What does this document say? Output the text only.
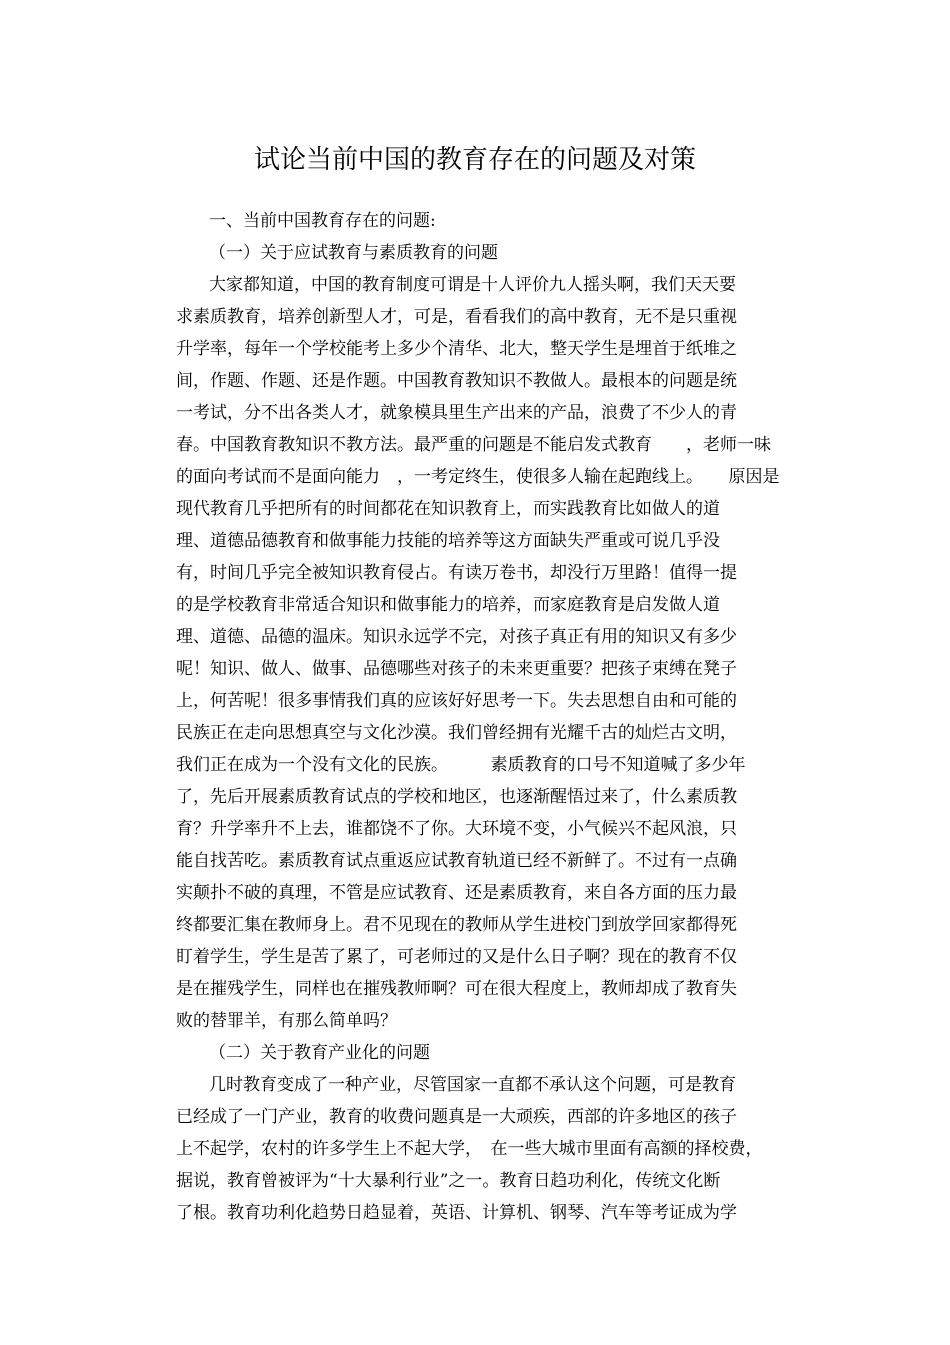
试论当前中国的教育存在的问题及对策
一、当前中国教育存在的问题:
（一）关于应试教育与素质教育的问题
大家都知道，中国的教育制度可谓是十人评价九人摇头啊，我们天天要
求素质教育，培养创新型人才，可是，看看我们的高中教育，无不是只重视
升学率，每年一个学校能考上多少个清华、北大，整天学生是埋首于纸堆之
间，作题、作题、还是作题。中国教育教知识不教做人。最根本的问题是统
一考试，分不出各类人才，就象模具里生产出来的产品，浪费了不少人的青
春。中国教育教知识不教方法。最严重的问题是不能启发式教育　　，老师一味
的面向考试而不是面向能力　，一考定终生，使很多人输在起跑线上。　　原因是
现代教育几乎把所有的时间都花在知识教育上，而实践教育比如做人的道
理、道德品德教育和做事能力技能的培养等这方面缺失严重或可说几乎没
有，时间几乎完全被知识教育侵占。有读万卷书，却没行万里路！值得一提
的是学校教育非常适合知识和做事能力的培养，而家庭教育是启发做人道
理、道德、品德的温床。知识永远学不完，对孩子真正有用的知识又有多少
呢！知识、做人、做事、品德哪些对孩子的未来更重要？把孩子束缚在凳子
上，何苦呢！很多事情我们真的应该好好思考一下。失去思想自由和可能的
民族正在走向思想真空与文化沙漠。我们曾经拥有光耀千古的灿烂古文明，
我们正在成为一个没有文化的民族。　　　素质教育的口号不知道喊了多少年
了，先后开展素质教育试点的学校和地区，也逐渐醒悟过来了，什么素质教
育？升学率升不上去，谁都饶不了你。大环境不变，小气候兴不起风浪，只
能自找苦吃。素质教育试点重返应试教育轨道已经不新鲜了。不过有一点确
实颠扑不破的真理，不管是应试教育、还是素质教育，来自各方面的压力最
终都要汇集在教师身上。君不见现在的教师从学生进校门到放学回家都得死
盯着学生，学生是苦了累了，可老师过的又是什么日子啊？现在的教育不仅
是在摧残学生，同样也在摧残教师啊？可在很大程度上，教师却成了教育失
败的替罪羊，有那么简单吗？
（二）关于教育产业化的问题
几时教育变成了一种产业，尽管国家一直都不承认这个问题，可是教育
已经成了一门产业，教育的收费问题真是一大顽疾，西部的许多地区的孩子
上不起学，农村的许多学生上不起大学，　在一些大城市里面有高额的择校费，
据说，教育曾被评为“十大暴利行业”之一。教育日趋功利化，传统文化断
了根。教育功利化趋势日趋显着，英语、计算机、钢琴、汽车等考证成为学
